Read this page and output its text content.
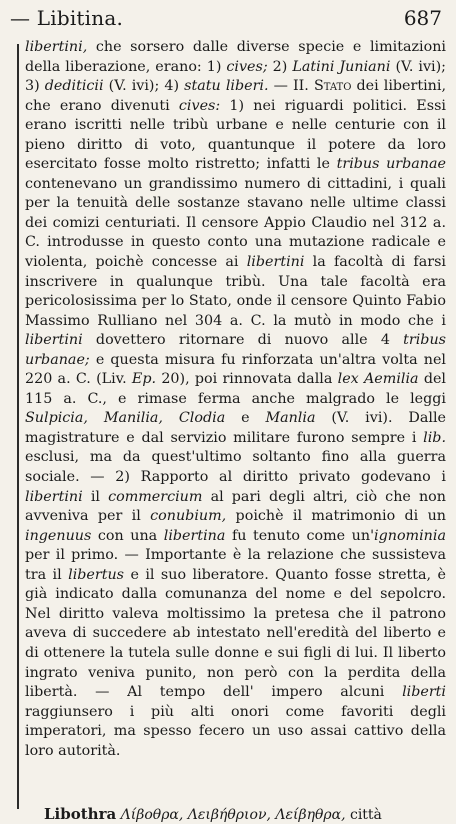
— Libitina.	687

libertini, che sorsero dalle diverse specie e limitazioni della liberazione, erano: 1) cives; 2) Latini Juniani (V. ivi); 3) dediticii (V. ivi); 4) statu liberi. — II. Stato dei libertini, che erano divenuti cives: 1) nei riguardi politici. Essi erano iscritti nelle tribù urbane e nelle centurie con il pieno diritto di voto, quantunque il potere da loro esercitato fosse molto ristretto; infatti le tribus urbanae contenevano un grandissimo numero di cittadini, i quali per la tenuità delle sostanze stavano nelle ultime classi dei comizi centuriati. Il censore Appio Claudio nel 312 a. C. introdusse in questo conto una mutazione radicale e violenta, poichè concesse ai libertini la facoltà di farsi inscrivere in qualunque tribù. Una tale facoltà era pericolosissima per lo Stato, onde il censore Quinto Fabio Massimo Rulliano nel 304 a. C. la mutò in modo che i libertini dovettero ritornare di nuovo alle 4 tribus urbanae; e questa misura fu rinforzata un'altra volta nel 220 a. C. (Liv. Ep. 20), poi rinnovata dalla lex Aemilia del 115 a. C., e rimase ferma anche malgrado le leggi Sulpicia, Manilia, Clodia e Manlia (V. ivi). Dalle magistrature e dal servizio militare furono sempre i lib. esclusi, ma da quest'ultimo soltanto fino alla guerra sociale. — 2) Rapporto al diritto privato godevano i libertini il commercium al pari degli altri, ciò che non avveniva per il conubium, poichè il matrimonio di un ingenuus con una libertina fu tenuto come un'ignominia per il primo. — Importante è la relazione che sussisteva tra il libertus e il suo liberatore. Quanto fosse stretta, è già indicato dalla comunanza del nome e del sepolcro. Nel diritto valeva moltissimo la pretesa che il patrono aveva di succedere ab intestato nell'eredità del liberto e di ottenere la tutela sulle donne e sui figli di lui. Il liberto ingrato veniva punito, non però con la perdita della libertà. — Al tempo dell' impero alcuni liberti raggiunsero i più alti onori come favoriti degli imperatori, ma spesso fecero un uso assai cattivo della loro autorità.

Libothra Λίβοθρα, Λειβήθριον, Λείβηθρα, città
